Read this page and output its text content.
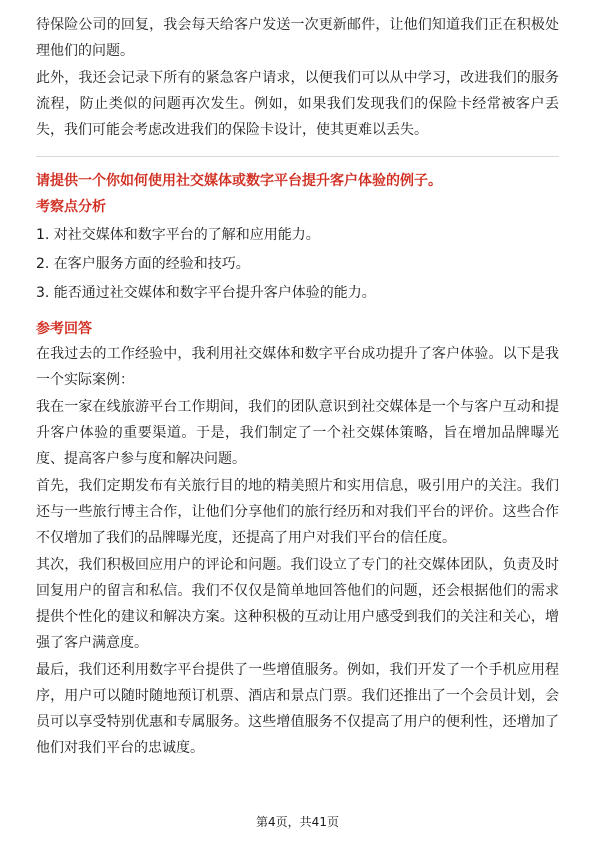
待保险公司的回复，我会每天给客户发送一次更新邮件，让他们知道我们正在积极处理他们的问题。

此外，我还会记录下所有的紧急客户请求，以便我们可以从中学习，改进我们的服务流程，防止类似的问题再次发生。例如，如果我们发现我们的保险卡经常被客户丢失，我们可能会考虑改进我们的保险卡设计，使其更难以丢失。

请提供一个你如何使用社交媒体或数字平台提升客户体验的例子。
考察点分析
1. 对社交媒体和数字平台的了解和应用能力。
2. 在客户服务方面的经验和技巧。
3. 能否通过社交媒体和数字平台提升客户体验的能力。
参考回答

在我过去的工作经验中，我利用社交媒体和数字平台成功提升了客户体验。以下是我一个实际案例：

我在一家在线旅游平台工作期间，我们的团队意识到社交媒体是一个与客户互动和提升客户体验的重要渠道。于是，我们制定了一个社交媒体策略，旨在增加品牌曝光度、提高客户参与度和解决问题。

首先，我们定期发布有关旅行目的地的精美照片和实用信息，吸引用户的关注。我们还与一些旅行博主合作，让他们分享他们的旅行经历和对我们平台的评价。这些合作不仅增加了我们的品牌曝光度，还提高了用户对我们平台的信任度。

其次，我们积极回应用户的评论和问题。我们设立了专门的社交媒体团队，负责及时回复用户的留言和私信。我们不仅仅是简单地回答他们的问题，还会根据他们的需求提供个性化的建议和解决方案。这种积极的互动让用户感受到我们的关注和关心，增强了客户满意度。

最后，我们还利用数字平台提供了一些增值服务。例如，我们开发了一个手机应用程序，用户可以随时随地预订机票、酒店和景点门票。我们还推出了一个会员计划，会员可以享受特别优惠和专属服务。这些增值服务不仅提高了用户的便利性，还增加了他们对我们平台的忠诚度。

第4页，共41页
